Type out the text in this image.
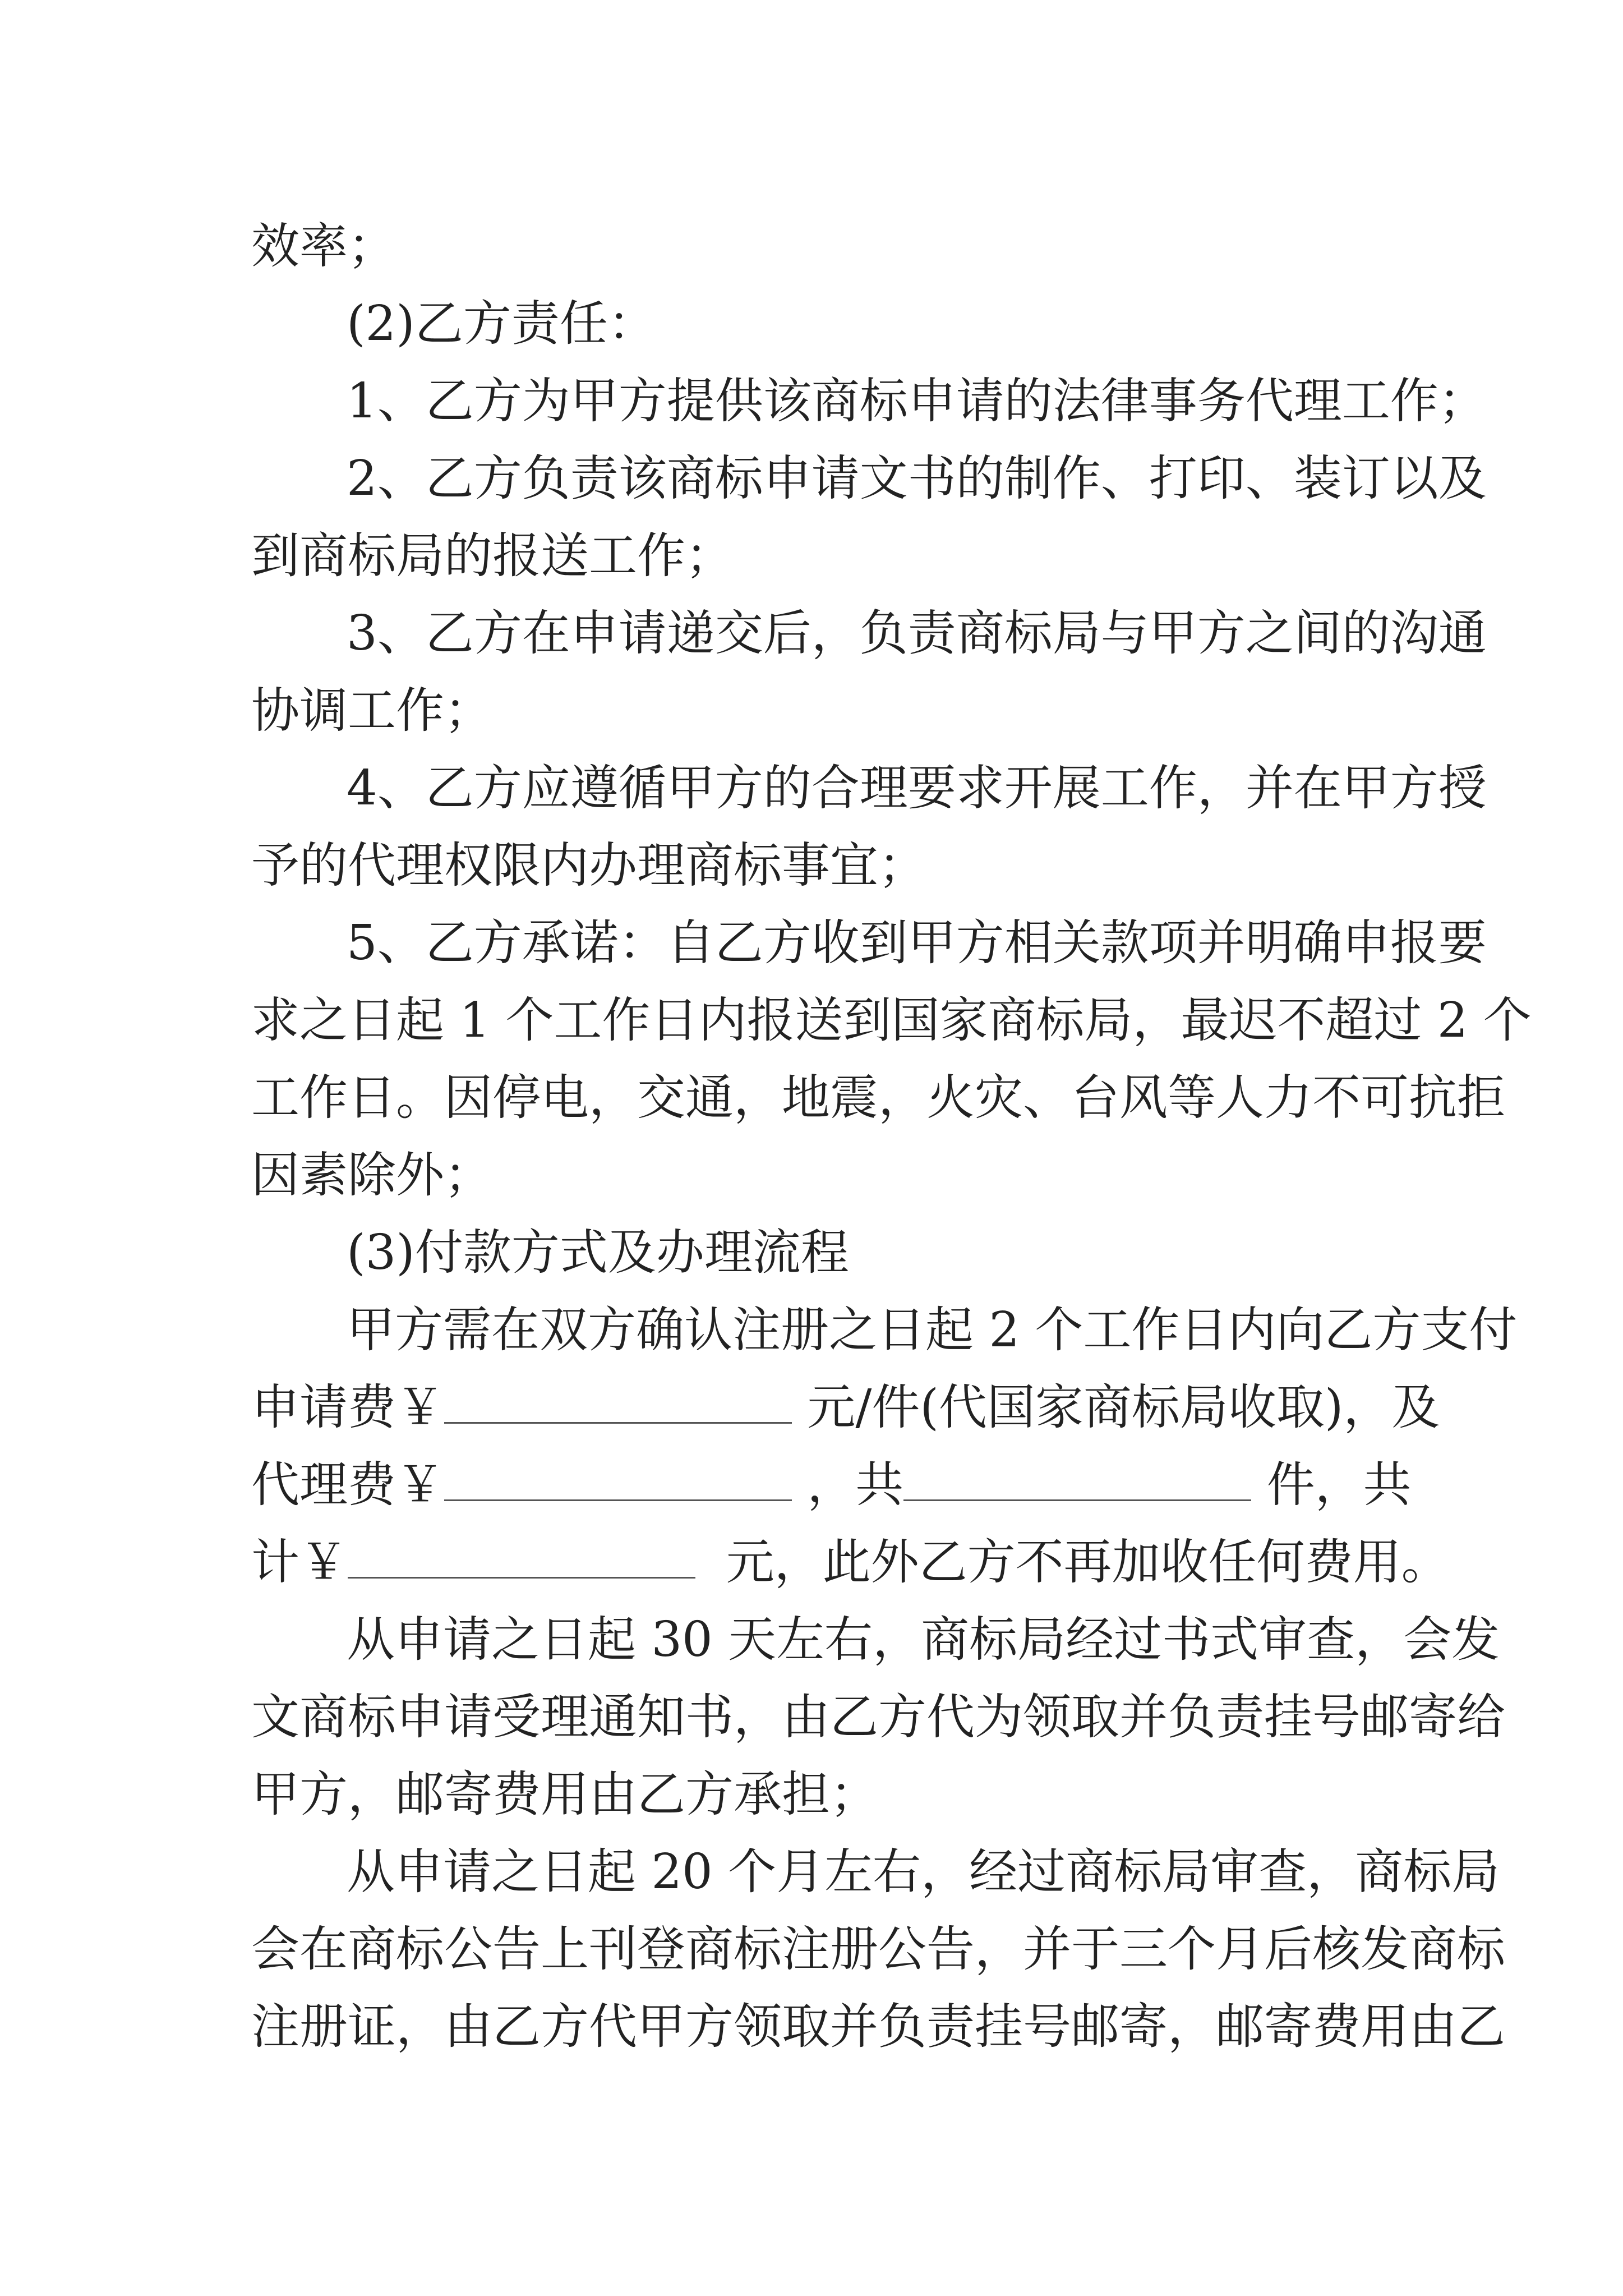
效率；
(2)乙方责任：
1、乙方为甲方提供该商标申请的法律事务代理工作；
2、乙方负责该商标申请文书的制作、打印、装订以及
到商标局的报送工作；
3、乙方在申请递交后，负责商标局与甲方之间的沟通
协调工作；
4、乙方应遵循甲方的合理要求开展工作，并在甲方授
予的代理权限内办理商标事宜；
5、乙方承诺：自乙方收到甲方相关款项并明确申报要
求之日起 1 个工作日内报送到国家商标局，最迟不超过 2 个
工作日。因停电，交通，地震，火灾、台风等人力不可抗拒
因素除外；
(3)付款方式及办理流程
甲方需在双方确认注册之日起 2 个工作日内向乙方支付
申请费￥	元/件(代国家商标局收取)，及
代理费￥	，共	件，共
计￥	元，此外乙方不再加收任何费用。
从申请之日起 30 天左右，商标局经过书式审查，会发
文商标申请受理通知书，由乙方代为领取并负责挂号邮寄给
甲方，邮寄费用由乙方承担；
从申请之日起 20 个月左右，经过商标局审查，商标局
会在商标公告上刊登商标注册公告，并于三个月后核发商标
注册证，由乙方代甲方领取并负责挂号邮寄，邮寄费用由乙
